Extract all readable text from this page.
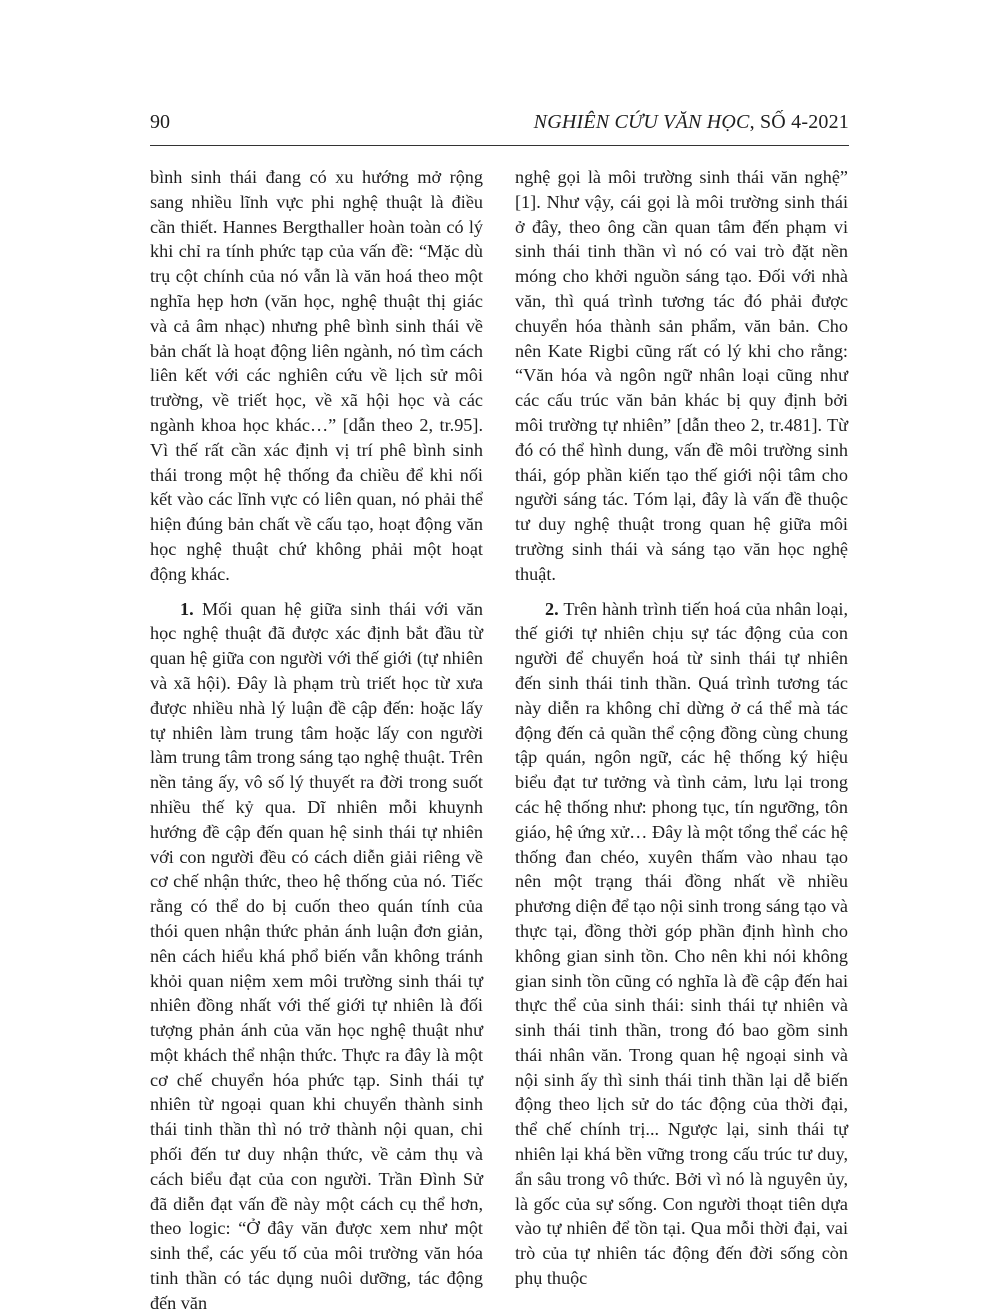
90	NGHIÊN CỨU VĂN HỌC, SỐ 4-2021

bình sinh thái đang có xu hướng mở rộng sang nhiều lĩnh vực phi nghệ thuật là điều cần thiết. Hannes Bergthaller hoàn toàn có lý khi chỉ ra tính phức tạp của vấn đề: “Mặc dù trụ cột chính của nó vẫn là văn hoá theo một nghĩa hẹp hơn (văn học, nghệ thuật thị giác và cả âm nhạc) nhưng phê bình sinh thái về bản chất là hoạt động liên ngành, nó tìm cách liên kết với các nghiên cứu về lịch sử môi trường, về triết học, về xã hội học và các ngành khoa học khác…” [dẫn theo 2, tr.95]. Vì thế rất cần xác định vị trí phê bình sinh thái trong một hệ thống đa chiều để khi nối kết vào các lĩnh vực có liên quan, nó phải thể hiện đúng bản chất về cấu tạo, hoạt động văn học nghệ thuật chứ không phải một hoạt động khác.

1. Mối quan hệ giữa sinh thái với văn học nghệ thuật đã được xác định bắt đầu từ quan hệ giữa con người với thế giới (tự nhiên và xã hội). Đây là phạm trù triết học từ xưa được nhiều nhà lý luận đề cập đến: hoặc lấy tự nhiên làm trung tâm hoặc lấy con người làm trung tâm trong sáng tạo nghệ thuật. Trên nền tảng ấy, vô số lý thuyết ra đời trong suốt nhiều thế kỷ qua. Dĩ nhiên mỗi khuynh hướng đề cập đến quan hệ sinh thái tự nhiên với con người đều có cách diễn giải riêng về cơ chế nhận thức, theo hệ thống của nó. Tiếc rằng có thể do bị cuốn theo quán tính của thói quen nhận thức phản ánh luận đơn giản, nên cách hiểu khá phổ biến vẫn không tránh khỏi quan niệm xem môi trường sinh thái tự nhiên đồng nhất với thế giới tự nhiên là đối tượng phản ánh của văn học nghệ thuật như một khách thể nhận thức. Thực ra đây là một cơ chế chuyển hóa phức tạp. Sinh thái tự nhiên từ ngoại quan khi chuyển thành sinh thái tinh thần thì nó trở thành nội quan, chi phối đến tư duy nhận thức, về cảm thụ và cách biểu đạt của con người. Trần Đình Sử đã diễn đạt vấn đề này một cách cụ thể hơn, theo logic: “Ở đây văn được xem như một sinh thể, các yếu tố của môi trường văn hóa tinh thần có tác dụng nuôi dưỡng, tác động đến văn

nghệ gọi là môi trường sinh thái văn nghệ” [1]. Như vậy, cái gọi là môi trường sinh thái ở đây, theo ông cần quan tâm đến phạm vi sinh thái tinh thần vì nó có vai trò đặt nền móng cho khởi nguồn sáng tạo. Đối với nhà văn, thì quá trình tương tác đó phải được chuyển hóa thành sản phẩm, văn bản. Cho nên Kate Rigbi cũng rất có lý khi cho rằng: “Văn hóa và ngôn ngữ nhân loại cũng như các cấu trúc văn bản khác bị quy định bởi môi trường tự nhiên” [dẫn theo 2, tr.481]. Từ đó có thể hình dung, vấn đề môi trường sinh thái, góp phần kiến tạo thế giới nội tâm cho người sáng tác. Tóm lại, đây là vấn đề thuộc tư duy nghệ thuật trong quan hệ giữa môi trường sinh thái và sáng tạo văn học nghệ thuật.

2. Trên hành trình tiến hoá của nhân loại, thế giới tự nhiên chịu sự tác động của con người để chuyển hoá từ sinh thái tự nhiên đến sinh thái tinh thần. Quá trình tương tác này diễn ra không chỉ dừng ở cá thể mà tác động đến cả quần thể cộng đồng cùng chung tập quán, ngôn ngữ, các hệ thống ký hiệu biểu đạt tư tưởng và tình cảm, lưu lại trong các hệ thống như: phong tục, tín ngưỡng, tôn giáo, hệ ứng xử… Đây là một tổng thể các hệ thống đan chéo, xuyên thấm vào nhau tạo nên một trạng thái đồng nhất về nhiều phương diện để tạo nội sinh trong sáng tạo và thực tại, đồng thời góp phần định hình cho không gian sinh tồn. Cho nên khi nói không gian sinh tồn cũng có nghĩa là đề cập đến hai thực thể của sinh thái: sinh thái tự nhiên và sinh thái tinh thần, trong đó bao gồm sinh thái nhân văn. Trong quan hệ ngoại sinh và nội sinh ấy thì sinh thái tinh thần lại dễ biến động theo lịch sử do tác động của thời đại, thể chế chính trị... Ngược lại, sinh thái tự nhiên lại khá bền vững trong cấu trúc tư duy, ẩn sâu trong vô thức. Bởi vì nó là nguyên ủy, là gốc của sự sống. Con người thoạt tiên dựa vào tự nhiên để tồn tại. Qua mỗi thời đại, vai trò của tự nhiên tác động đến đời sống còn phụ thuộc
